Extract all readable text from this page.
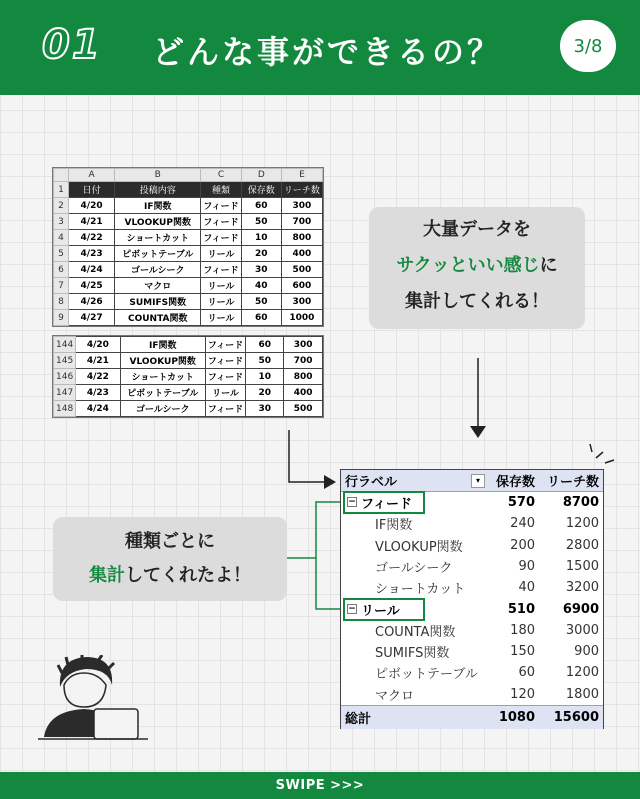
01 どんな事ができるの？	3/8
	A	B	C	D	E
1	日付	投稿内容	種類	保存数	リーチ数
2	4/20	IF関数	フィード	60	300
3	4/21	VLOOKUP関数	フィード	50	700
4	4/22	ショートカット	フィード	10	800
5	4/23	ピボットテーブル	リール	20	400
6	4/24	ゴールシーク	フィード	30	500
7	4/25	マクロ	リール	40	600
8	4/26	SUMIFS関数	リール	50	300
9	4/27	COUNTA関数	リール	60	1000
144	4/20	IF関数	フィード	60	300
145	4/21	VLOOKUP関数	フィード	50	700
146	4/22	ショートカット	フィード	10	800
147	4/23	ピボットテーブル	リール	20	400
148	4/24	ゴールシーク	フィード	30	500
大量データを
サクッといい感じに
集計してくれる！
種類ごとに
集計してくれたよ！
行ラベル	▾	保存数 リーチ数
− フィード	570 8700
IF関数	240 1200
VLOOKUP関数	200 2800
ゴールシーク	90 1500
ショートカット	40 3200
− リール	510 6900
COUNTA関数	180 3000
SUMIFS関数	150	900
ピボットテーブル	60 1200
マクロ	120 1800
総計	1080 15600
SWIPE >>>
